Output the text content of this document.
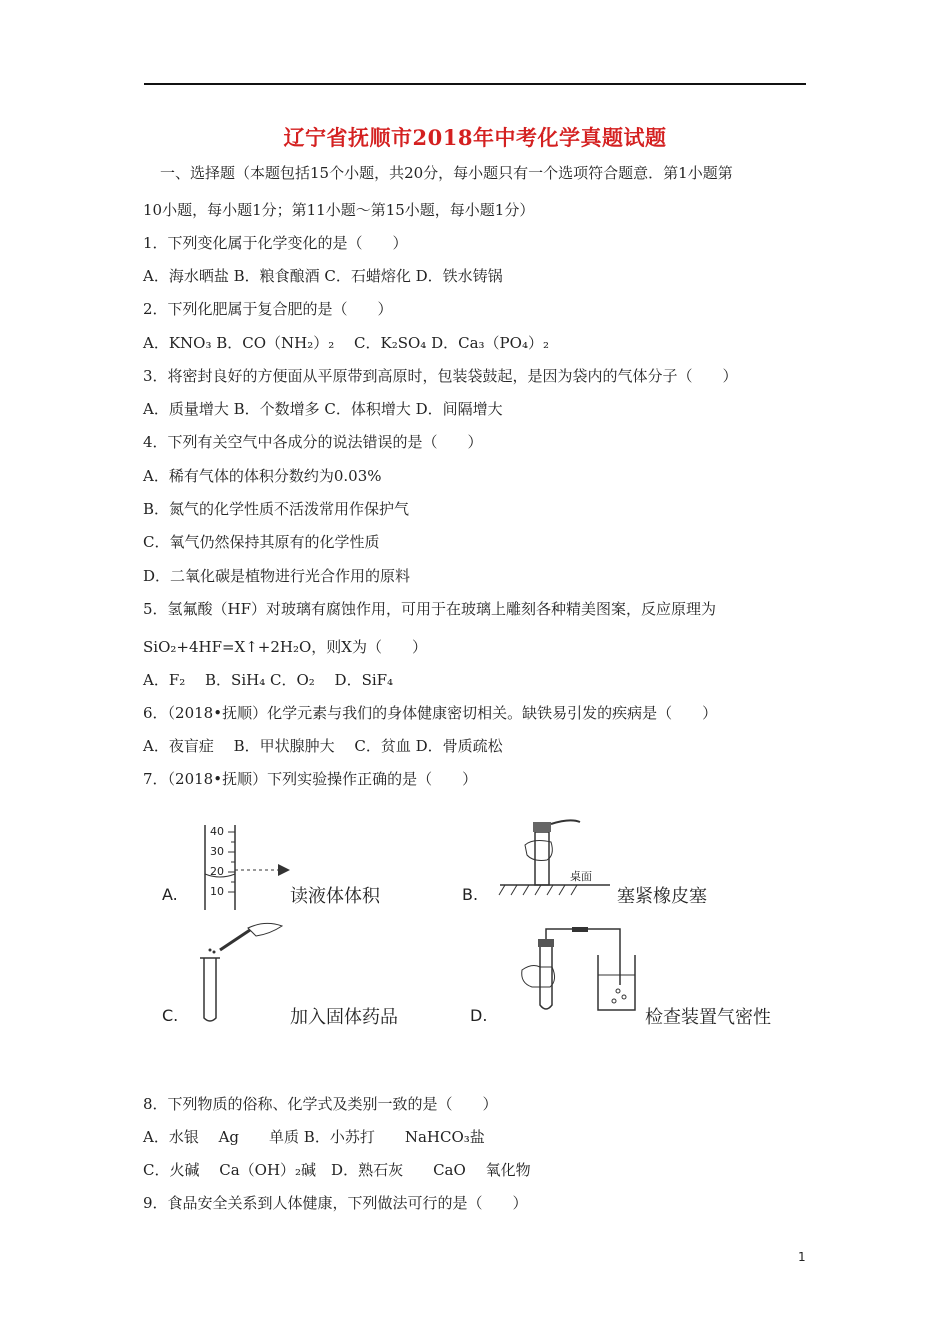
辽宁省抚顺市2018年中考化学真题试题
一、选择题（本题包括15个小题，共20分，每小题只有一个选项符合题意．第1小题第
10小题，每小题1分；第11小题～第15小题，每小题1分）
1．下列变化属于化学变化的是（　　）
A．海水晒盐 B．粮食酿酒 C．石蜡熔化 D．铁水铸锅
2．下列化肥属于复合肥的是（　　）
A．KNO₃ B．CO（NH₂）₂　 C．K₂SO₄ D．Ca₃（PO₄）₂
3．将密封良好的方便面从平原带到高原时，包装袋鼓起，是因为袋内的气体分子（　　）
A．质量增大 B．个数增多 C．体积增大 D．间隔增大
4．下列有关空气中各成分的说法错误的是（　　）
A．稀有气体的体积分数约为0.03%
B．氮气的化学性质不活泼常用作保护气
C．氧气仍然保持其原有的化学性质
D．二氧化碳是植物进行光合作用的原料
5．氢氟酸（HF）对玻璃有腐蚀作用，可用于在玻璃上雕刻各种精美图案，反应原理为
SiO₂+4HF=X↑+2H₂O，则X为（　　）
A．F₂　 B．SiH₄ C．O₂　 D．SiF₄
6．（2018•抚顺）化学元素与我们的身体健康密切相关。缺铁易引发的疾病是（　　）
A．夜盲症　 B．甲状腺肿大　 C．贫血 D．骨质疏松
7．（2018•抚顺）下列实验操作正确的是（　　）
40
30
20
10
A.	读液体体积
桌面
B.	塞紧橡皮塞
C.	加入固体药品	D.	检查装置气密性
8．下列物质的俗称、化学式及类别一致的是（　　）
A．水银　 Ag　　单质 B．小苏打　　NaHCO₃盐
C．火碱　 Ca（OH）₂碱　D．熟石灰　　CaO　 氧化物
9．食品安全关系到人体健康，下列做法可行的是（　　）
1
